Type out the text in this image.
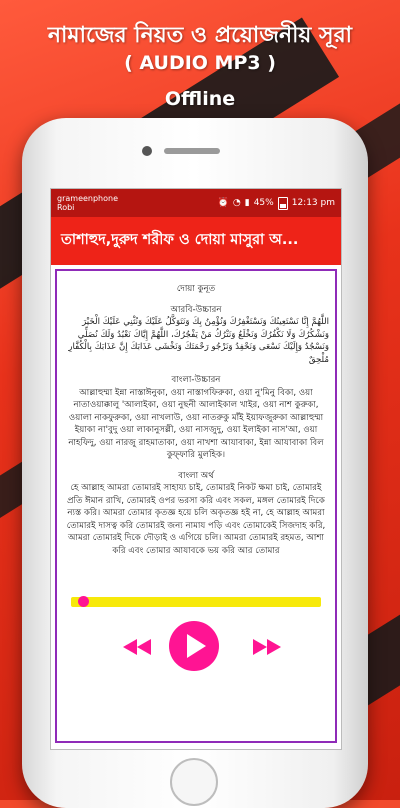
নামাজের নিয়ত ও প্রয়োজনীয় সূরা
( AUDIO MP3 )
Offline
grameenphone
Robi	⏰ ◔ ▮ 45% 12:13 pm
তাশাহুদ,দুরুদ শরীফ ও দোয়া মাসুরা অ...
দোয়া কুনূত
আরবি-উচ্চারন
اللَّهُمَّ إِنَّا نَسْتَعِينُكَ وَنَسْتَغْفِرُكَ وَنُؤْمِنُ بِكَ وَنَتَوَكَّلُ عَلَيْكَ وَنُثْنِي عَلَيْكَ الْخَيْرَ وَنَشْكُرُكَ وَلَا نَكْفُرُكَ وَنَخْلَعُ وَنَتْرُكُ مَنْ يَفْجُرُكَ، اللَّهُمَّ إِيَّاكَ نَعْبُدُ وَلَكَ نُصَلِّي وَنَسْجُدُ وَإِلَيْكَ نَسْعَى وَنَحْفِدُ وَنَرْجُو رَحْمَتَكَ وَنَخْشَى عَذَابَكَ إِنَّ عَذَابَكَ بِالْكُفَّارِ مُلْحِقٌ
বাংলা-উচ্চারন
আল্লাহুম্মা ইন্না নাস্তাঈনুকা, ওয়া নাস্তাগফিরুকা, ওয়া নু'মিনু বিকা, ওয়া নাতাওয়াক্কালু 'আলাইকা, ওয়া নুছনী আলাইকাল খাইর, ওয়া নাশ কুরুকা, ওয়ালা নাকফুরুকা, ওয়া নাখলাউ, ওয়া নাতরুকু মাঁই ইয়াফজুরুকা আল্লাহুম্মা ইয়াকা না'বুদু ওয়া লাকানুসল্লী, ওয়া নাসজুদু, ওয়া ইলাইকা নাস'আ, ওয়া নাহফিদু, ওয়া নারজু রাহমাতাকা, ওয়া নাখশা আযাবাকা, ইন্না আযাবাকা বিল কুফ্ফারি মুলহিক।
বাংলা অর্থ
হে আল্লাহ আমরা তোমারই সাহায্য চাই, তোমারই নিকট ক্ষমা চাই, তোমারই প্রতি ঈমান রাখি, তোমারই ওপর ভরসা করি এবং সকল, মঙ্গল তোমারই দিকে ন্যস্ত করি। আমরা তোমার কৃতজ্ঞ হয়ে চলি অকৃতজ্ঞ হই না, হে আল্লাহ আমরা তোমারই দাসত্ব করি তোমারই জন্য নামায পড়ি এবং তোমাকেই সিজদাহ করি, আমরা তোমারই দিকে দৌড়াই ও এগিয়ে চলি। আমরা তোমারই রহমত, আশা করি এবং তোমার আযাবকে ভয় করি আর তোমার
